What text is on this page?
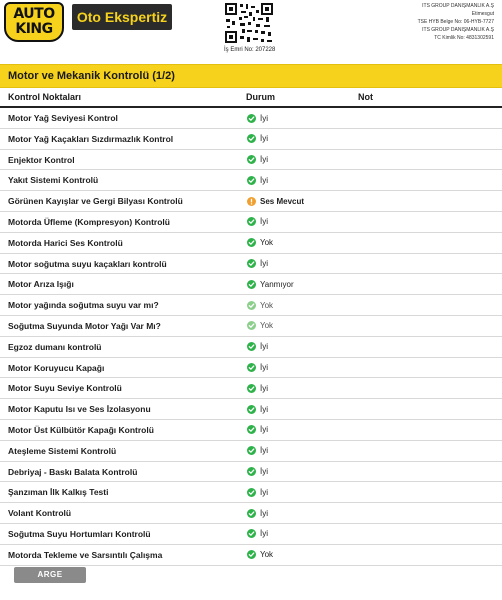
AUTO
KING
Oto Ekspertiz
İş Emri No: 207228
ITS GROUP DANIŞMANLIK A.Ş
Etimesgut
TSE HYB Belge No: 06-HYB-7727
ITS GROUP DANIŞMANLIK A.Ş
TC Kimlik No: 4831302591
Motor ve Mekanik Kontrolü (1/2)
Kontrol Noktaları	Durum	Not
Motor Yağ Seviyesi Kontrol	İyi
Motor Yağ Kaçakları Sızdırmazlık Kontrol	İyi
Enjektor Kontrol	İyi
Yakıt Sistemi Kontrolü	İyi
Görünen Kayışlar ve Gergi Bilyası Kontrolü	Ses Mevcut
Motorda Üfleme (Kompresyon) Kontrolü	İyi
Motorda Harici Ses Kontrolü	Yok
Motor soğutma suyu kaçakları kontrolü	İyi
Motor Arıza Işığı	Yanmıyor
Motor yağında soğutma suyu var mı?	Yok
Soğutma Suyunda Motor Yağı Var Mı?	Yok
Egzoz dumanı kontrolü	İyi
Motor Koruyucu Kapağı	İyi
Motor Suyu Seviye Kontrolü	İyi
Motor Kaputu Isı ve Ses İzolasyonu	İyi
Motor Üst Külbütör Kapağı Kontrolü	İyi
Ateşleme Sistemi Kontrolü	İyi
Debriyaj - Baskı Balata Kontrolü	İyi
Şanzıman İlk Kalkış Testi	İyi
Volant Kontrolü	İyi
Soğutma Suyu Hortumları Kontrolü	İyi
Motorda Tekleme ve Sarsıntılı Çalışma	Yok
ARGE OTOMOTİV
